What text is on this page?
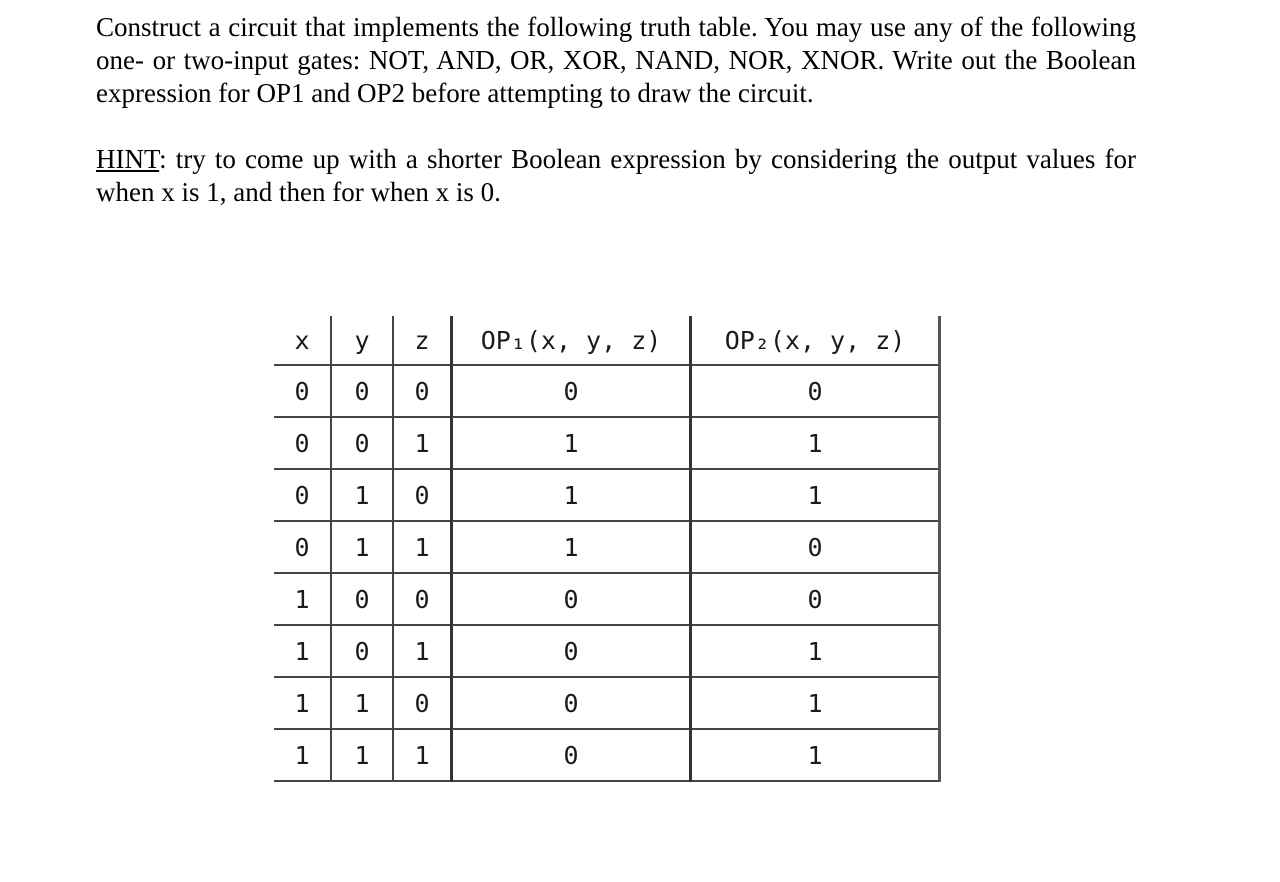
Construct a circuit that implements the following truth table. You may use any of the following one- or two-input gates: NOT, AND, OR, XOR, NAND, NOR, XNOR. Write out the Boolean expression for OP1 and OP2 before attempting to draw the circuit.

HINT: try to come up with a shorter Boolean expression by considering the output values for when x is 1, and then for when x is 0.

x	y	z	OP₁(x, y, z)	OP₂(x, y, z)
0	0	0	0	0
0	0	1	1	1
0	1	0	1	1
0	1	1	1	0
1	0	0	0	0
1	0	1	0	1
1	1	0	0	1
1	1	1	0	1
